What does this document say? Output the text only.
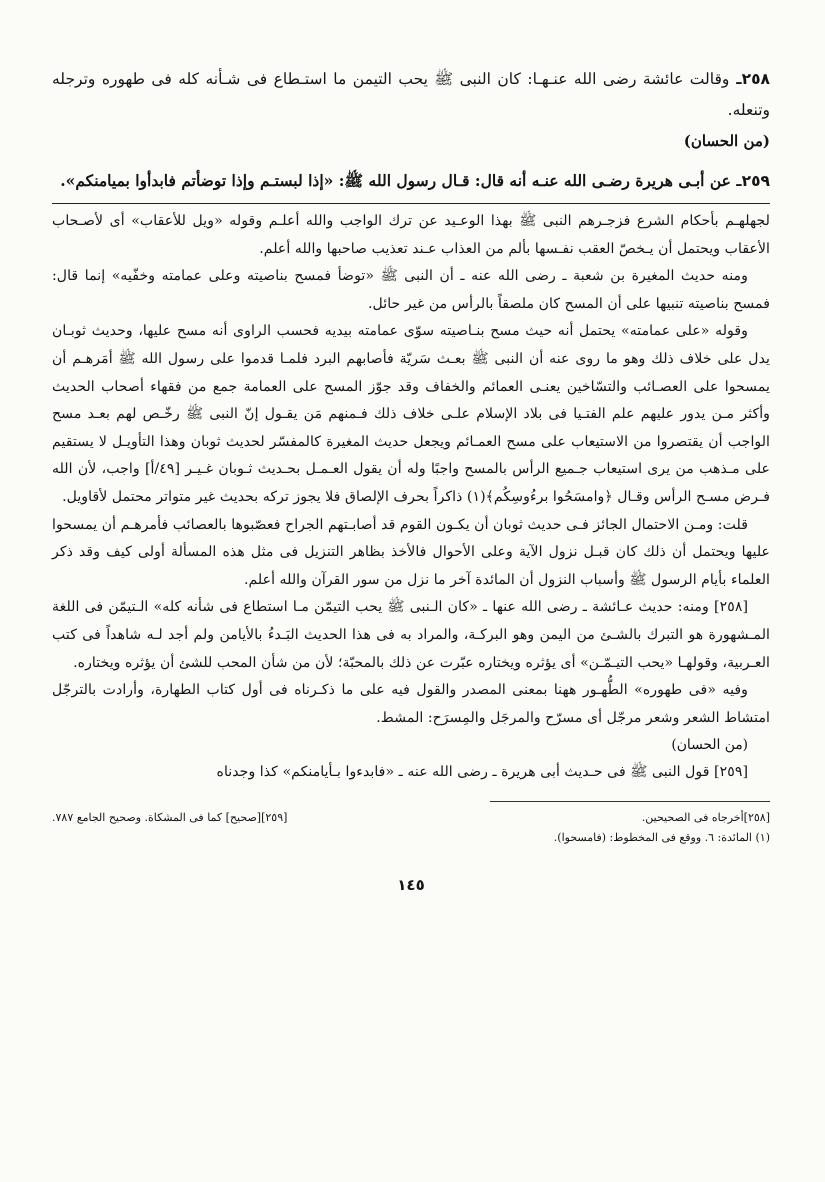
٢٥٨ـ وقالت عائشة رضى الله عنـهـا: كان النبى ﷺ يحب التيمن ما استـطاع فى شـأنه كله فى طهوره وترجله وتنعله.

(من الحسان)

٢٥٩ـ عن أبـى هريرة رضـى الله عنـه أنه قال: قـال رسول الله ﷺ: «إذا لبستـم وإذا توضأتم فابدأوا بميامنكم».

لجهلهـم بأحكام الشرع فزجـرهم النبى ﷺ بهذا الوعـيد عن ترك الواجب والله أعلـم وقوله «ويل للأعقاب» أى لأصـحاب الأعقاب ويحتمل أن يـخصّ العقب نفـسها بألم من العذاب عـند تعذيب صاحبها والله أعلم.

ومنه حديث المغيرة بن شعبة ـ رضى الله عنه ـ أن النبى ﷺ «توضأ فمسح بناصيته وعلى عمامته وخفّيه» إنما قال: فمسح بناصيته تنبيها على أن المسح كان ملصقاً بالرأس من غير حائل.

وقوله «على عمامته» يحتمل أنه حيث مسح بنـاصيته سوّى عمامته بيديه فحسب الراوى أنه مسح عليها، وحديث ثوبـان يدل على خلاف ذلك وهو ما روى عنه أن النبى ﷺ بعـث سَريّة فأصابهم البرد فلمـا قدموا على رسول الله ﷺ أمَرهـم أن يمسحوا على العصـائب والتسّاخين يعنـى العمائم والخفاف وقد جوّز المسح على العمامة جمع من فقهاء أصحاب الحديث وأكثر مـن يدور عليهم علم الفتـيا فى بلاد الإسلام علـى خلاف ذلك فـمنهم مَن يقـول إنّ النبى ﷺ رخّـص لهم بعـد مسح الواجب أن يقتصروا من الاستيعاب على مسح العمـائم ويجعل حديث المغيرة كالمفسّر لحديث ثوبان وهذا التأويـل لا يستقيم على مـذهب من يرى استيعاب جـميع الرأس بالمسح واجبًا وله أن يقول العـمـل بحـديث ثـوبان غـيـر [٤٩/أ] واجب، لأن الله فـرض مسـح الرأس وقـال ﴿وامسَحُوا برءُوسِكُم﴾(١) ذاكراً بحرف الإلصاق فلا يجوز تركه بحديث غير متواتر محتمل لأقاويل.

قلت: ومـن الاحتمال الجائز فـى حديث ثوبان أن يكـون القوم قد أصابـتهم الجراح فعصّبوها بالعصائب فأمرهـم أن يمسحوا عليها ويحتمل أن ذلك كان قبـل نزول الآية وعلى الأحوال فالأخذ بظاهر التنزيل فى مثل هذه المسألة أولى كيف وقد ذكر العلماء بأيام الرسول ﷺ وأسباب النزول أن المائدة آخر ما نزل من سور القرآن والله أعلم.

[٢٥٨] ومنه: حديث عـائشة ـ رضى الله عنها ـ «كان الـنبى ﷺ يحب التيمّن مـا استطاع فى شأنه كله» الـتيمّن فى اللغة المـشهورة هو التبرك بالشـئ من اليمن وهو البركـة، والمراد به فى هذا الحديث البَـدءُ بالأيامن ولم أجد لـه شاهداً فى كتب العـربية، وقولهـا «يحب التيـمّـن» أى يؤثره ويختاره عبّرت عن ذلك بالمحبّة؛ لأن من شأن المحب للشئ أن يؤثره ويختاره.

وفيه «فى طهوره» الطُّهـور ههنا بمعنى المصدر والقول فيه على ما ذكـرناه فى أول كتاب الطهارة، وأرادت بالترجّل امتشاط الشعر وشعر مرجّل أى مسرّح والمرجَل والمِسرَح: المشط.

(من الحسان)

[٢٥٩] قول النبى ﷺ فى حـديث أبى هريرة ـ رضى الله عنه ـ «فابدءوا بـأيامنكم» كذا وجدناه

[٢٥٨]أخرجاه فى الصحيحين.
[٢٥٩][صحيح] كما فى المشكاة. وصحيح الجامع ٧٨٧.

(١) المائدة: ٦. ووقع فى المخطوط: (فامسحوا).

١٤٥
